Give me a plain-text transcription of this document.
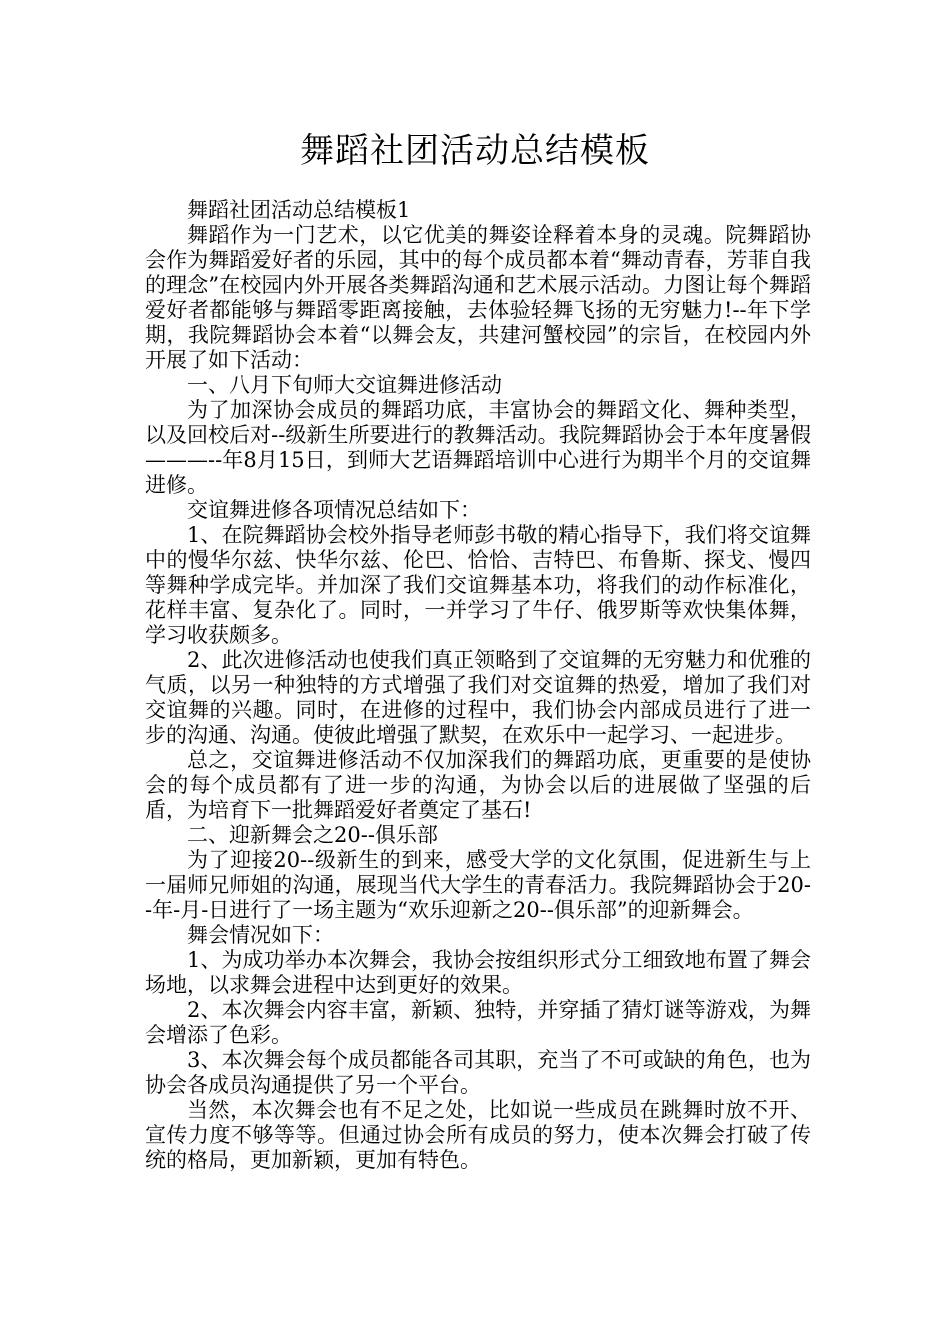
舞蹈社团活动总结模板

舞蹈社团活动总结模板1

舞蹈作为一门艺术，以它优美的舞姿诠释着本身的灵魂。院舞蹈协会作为舞蹈爱好者的乐园，其中的每个成员都本着“舞动青春，芳菲自我的理念”在校园内外开展各类舞蹈沟通和艺术展示活动。力图让每个舞蹈爱好者都能够与舞蹈零距离接触，去体验轻舞飞扬的无穷魅力!--年下学期，我院舞蹈协会本着“以舞会友，共建河蟹校园”的宗旨，在校园内外开展了如下活动：

一、八月下旬师大交谊舞进修活动

为了加深协会成员的舞蹈功底，丰富协会的舞蹈文化、舞种类型，以及回校后对--级新生所要进行的教舞活动。我院舞蹈协会于本年度暑假———--年8月15日，到师大艺语舞蹈培训中心进行为期半个月的交谊舞进修。

交谊舞进修各项情况总结如下：

1、在院舞蹈协会校外指导老师彭书敬的精心指导下，我们将交谊舞中的慢华尔兹、快华尔兹、伦巴、恰恰、吉特巴、布鲁斯、探戈、慢四等舞种学成完毕。并加深了我们交谊舞基本功，将我们的动作标准化，花样丰富、复杂化了。同时，一并学习了牛仔、俄罗斯等欢快集体舞，学习收获颇多。

2、此次进修活动也使我们真正领略到了交谊舞的无穷魅力和优雅的气质，以另一种独特的方式增强了我们对交谊舞的热爱，增加了我们对交谊舞的兴趣。同时，在进修的过程中，我们协会内部成员进行了进一步的沟通、沟通。使彼此增强了默契，在欢乐中一起学习、一起进步。

总之，交谊舞进修活动不仅加深我们的舞蹈功底，更重要的是使协会的每个成员都有了进一步的沟通，为协会以后的进展做了坚强的后盾，为培育下一批舞蹈爱好者奠定了基石!

二、迎新舞会之20--俱乐部

为了迎接20--级新生的到来，感受大学的文化氛围，促进新生与上一届师兄师姐的沟通，展现当代大学生的青春活力。我院舞蹈协会于20--年-月-日进行了一场主题为“欢乐迎新之20--俱乐部”的迎新舞会。

舞会情况如下：

1、为成功举办本次舞会，我协会按组织形式分工细致地布置了舞会场地，以求舞会进程中达到更好的效果。

2、本次舞会内容丰富，新颖、独特，并穿插了猜灯谜等游戏，为舞会增添了色彩。

3、本次舞会每个成员都能各司其职，充当了不可或缺的角色，也为协会各成员沟通提供了另一个平台。

当然，本次舞会也有不足之处，比如说一些成员在跳舞时放不开、宣传力度不够等等。但通过协会所有成员的努力，使本次舞会打破了传统的格局，更加新颖，更加有特色。
